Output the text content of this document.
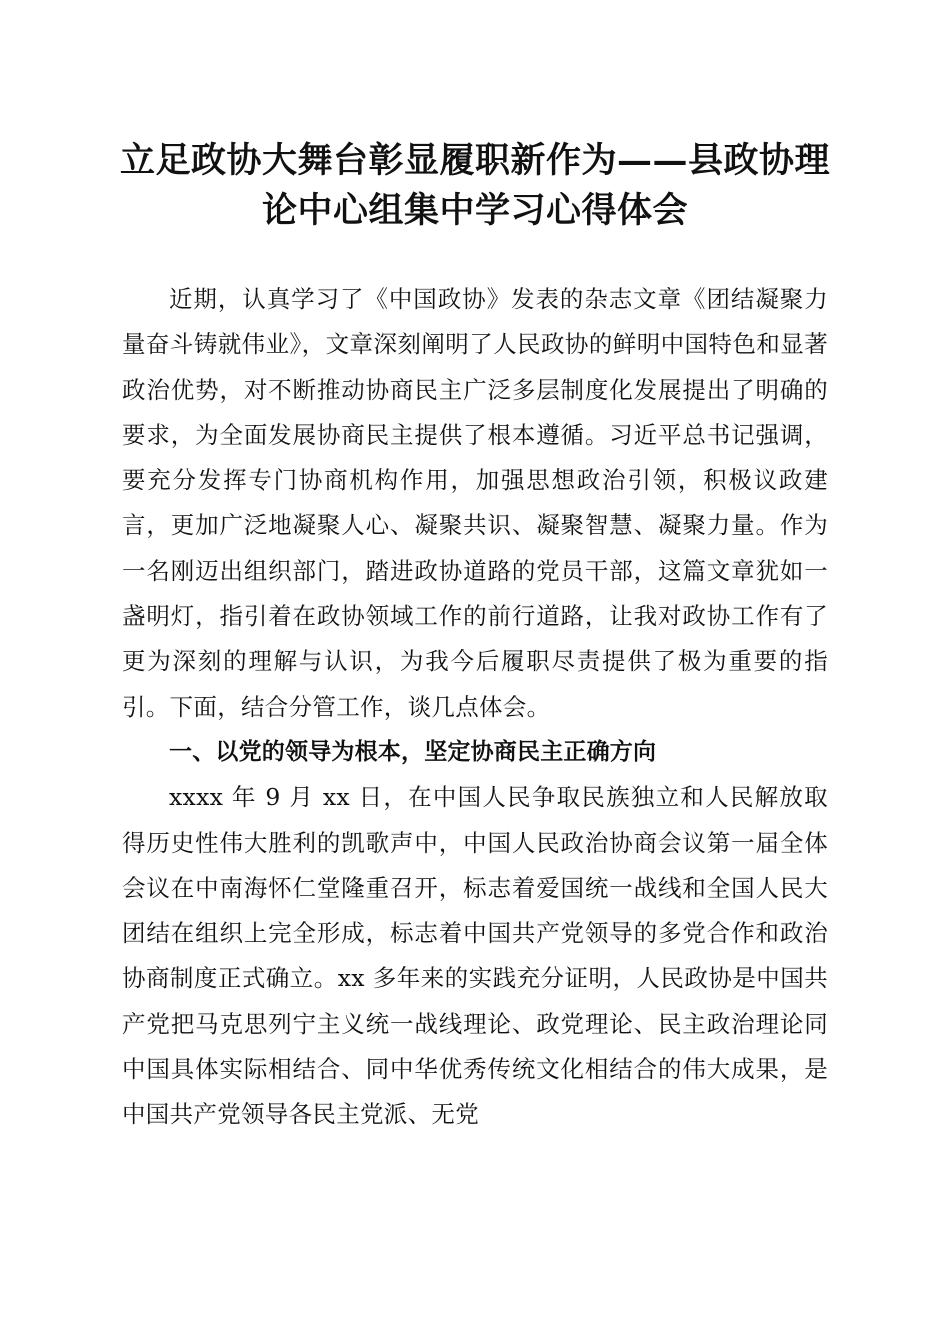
立足政协大舞台彰显履职新作为——县政协理
论中心组集中学习心得体会

近期，认真学习了《中国政协》发表的杂志文章《团结凝聚力量奋斗铸就伟业》，文章深刻阐明了人民政协的鲜明中国特色和显著政治优势，对不断推动协商民主广泛多层制度化发展提出了明确的要求，为全面发展协商民主提供了根本遵循。习近平总书记强调，要充分发挥专门协商机构作用，加强思想政治引领，积极议政建言，更加广泛地凝聚人心、凝聚共识、凝聚智慧、凝聚力量。作为一名刚迈出组织部门，踏进政协道路的党员干部，这篇文章犹如一盏明灯，指引着在政协领域工作的前行道路，让我对政协工作有了更为深刻的理解与认识，为我今后履职尽责提供了极为重要的指引。下面，结合分管工作，谈几点体会。

一、以党的领导为根本，坚定协商民主正确方向

xxxx 年 9 月 xx 日，在中国人民争取民族独立和人民解放取得历史性伟大胜利的凯歌声中，中国人民政治协商会议第一届全体会议在中南海怀仁堂隆重召开，标志着爱国统一战线和全国人民大团结在组织上完全形成，标志着中国共产党领导的多党合作和政治协商制度正式确立。xx 多年来的实践充分证明，人民政协是中国共产党把马克思列宁主义统一战线理论、政党理论、民主政治理论同中国具体实际相结合、同中华优秀传统文化相结合的伟大成果，是中国共产党领导各民主党派、无党
